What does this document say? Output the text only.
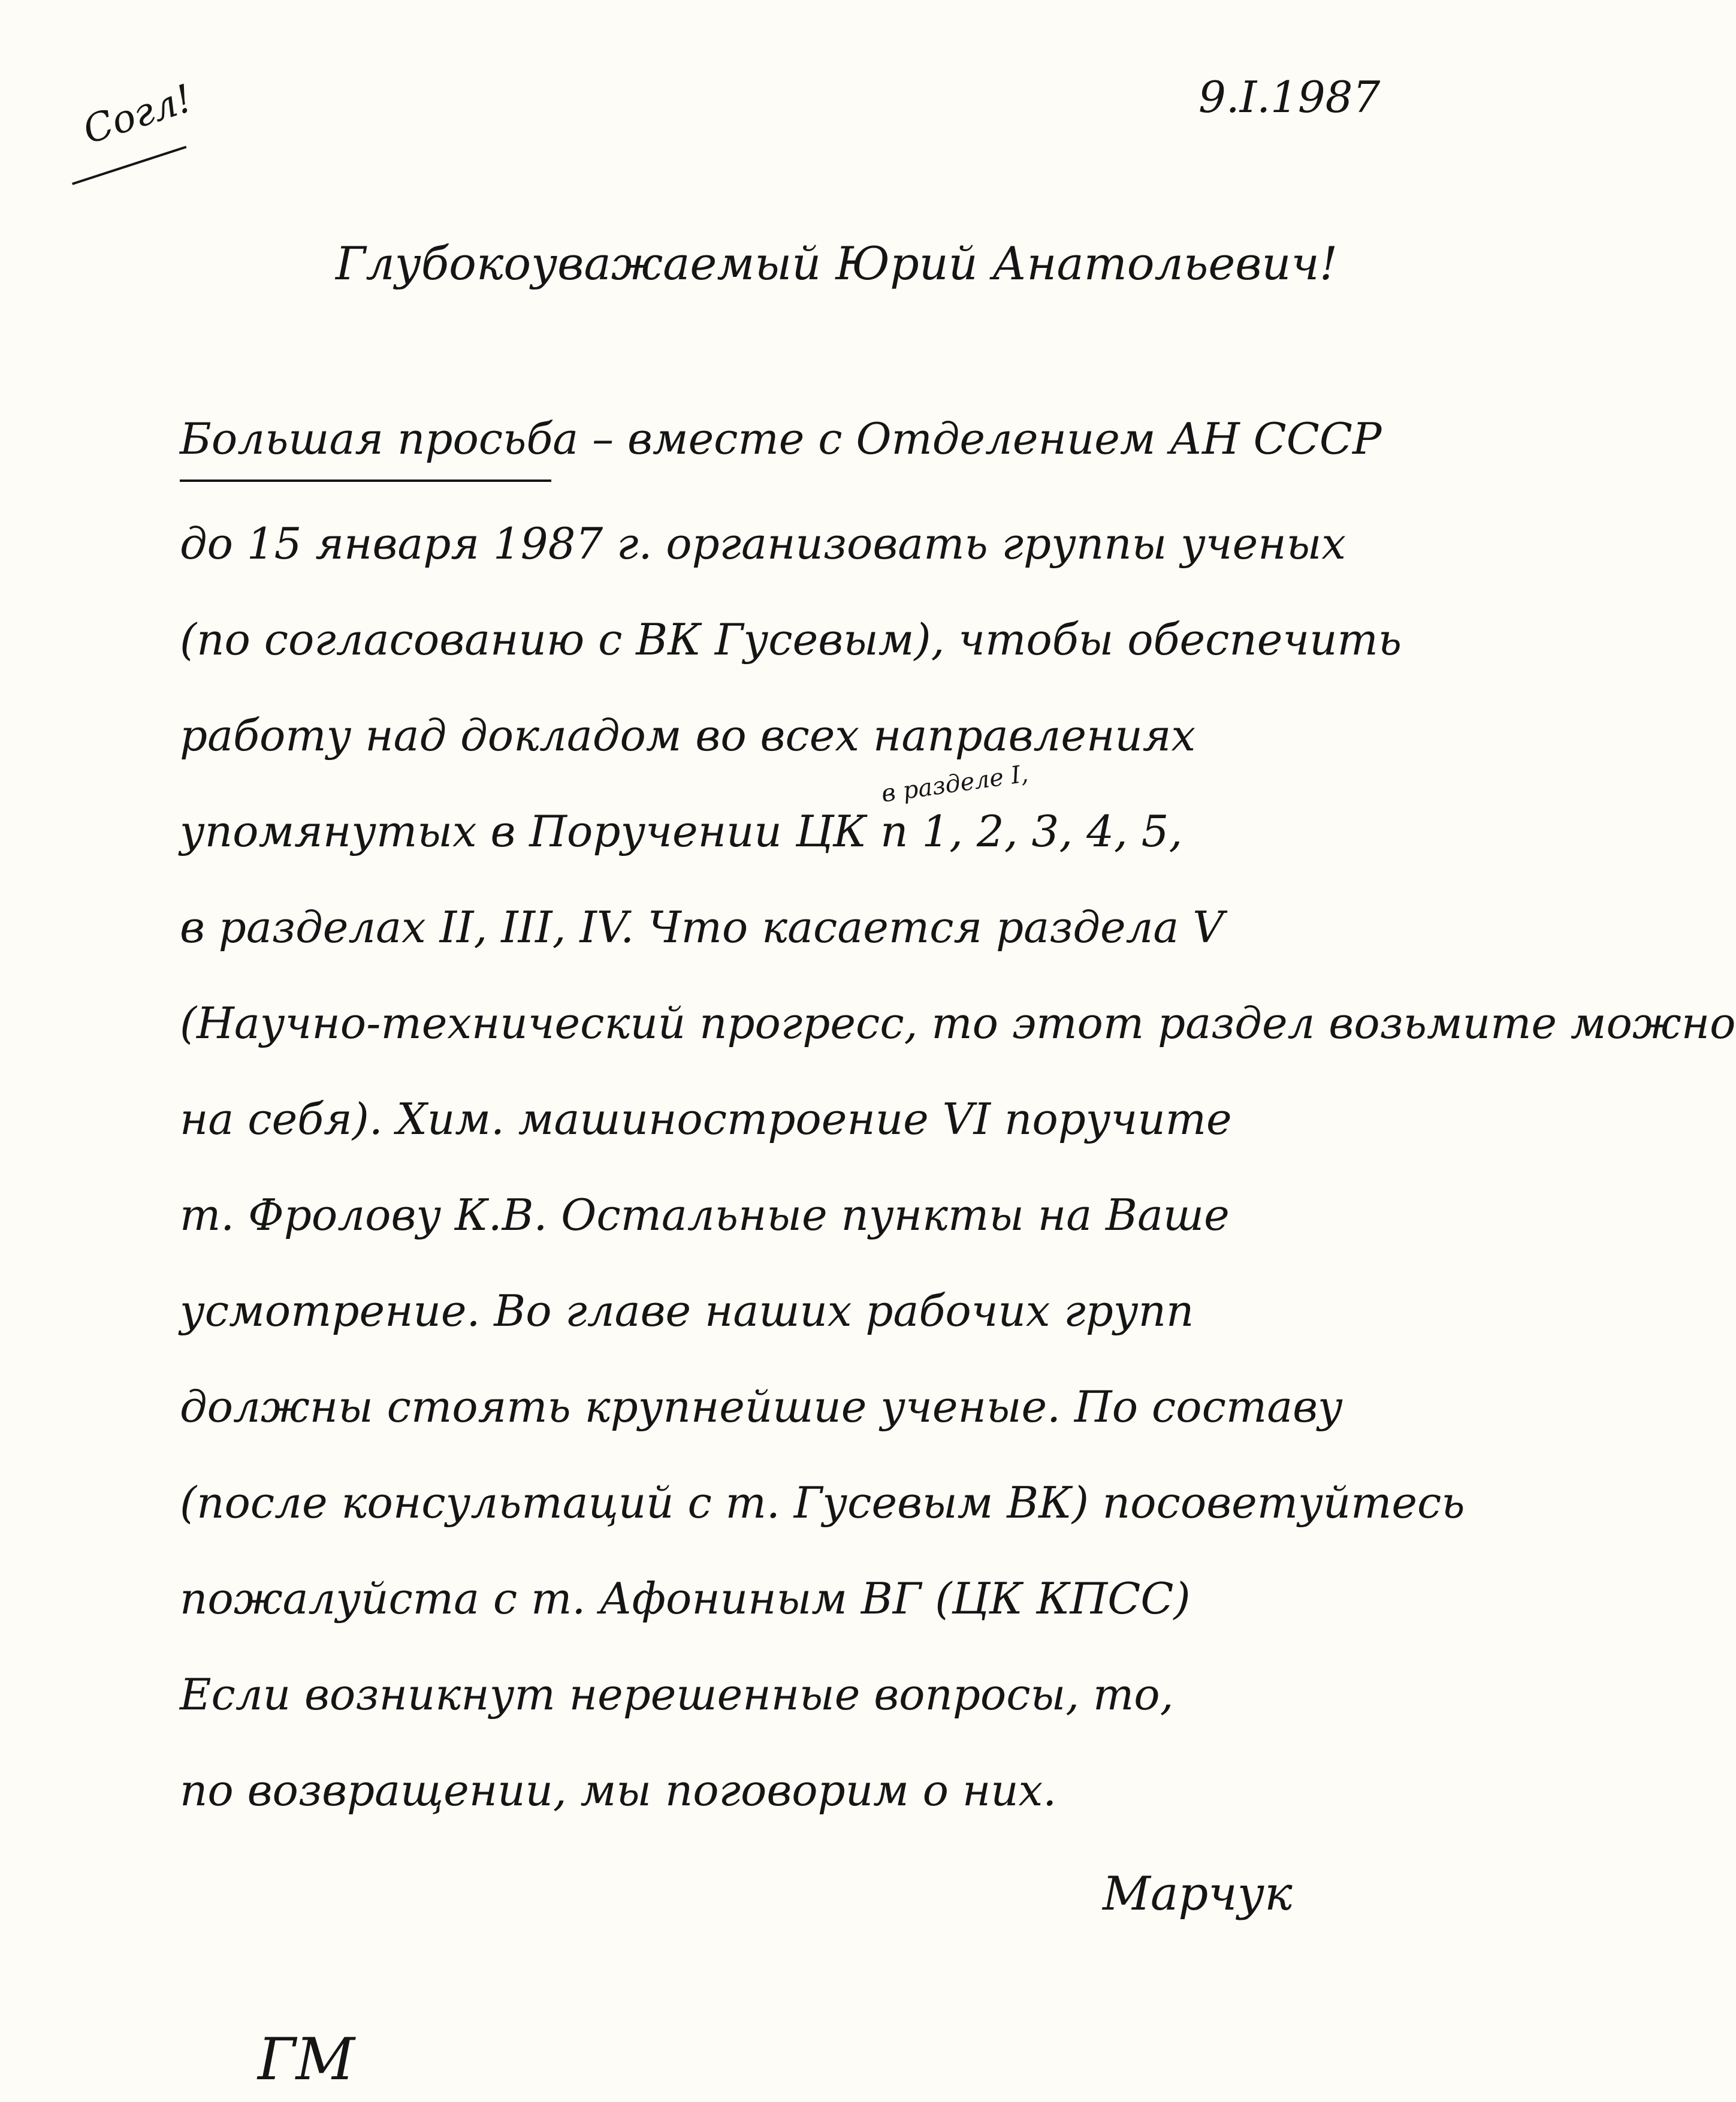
Согл!	9.I.1987
Глубокоуважаемый Юрий Анатольевич!
Большая просьба – вместе с Отделением АН СССР
до 15 января 1987 г. организовать группы ученых
(по согласованию с ВК Гусевым), чтобы обеспечить
работу над докладом во всех направлениях
в разделе I,
упомянутых в Поручении ЦК п 1, 2, 3, 4, 5,
в разделах II, III, IV. Что касается раздела V
(Научно-технический прогресс, то этот раздел возьмите можно
на себя). Хим. машиностроение VI поручите
т. Фролову К.В. Остальные пункты на Ваше
усмотрение. Во главе наших рабочих групп
должны стоять крупнейшие ученые. По составу
(после консультаций с т. Гусевым ВК) посоветуйтесь
пожалуйста с т. Афониным ВГ (ЦК КПСС)
Если возникнут нерешенные вопросы, то,
по возвращении, мы поговорим о них.
Марчук
ГМ
